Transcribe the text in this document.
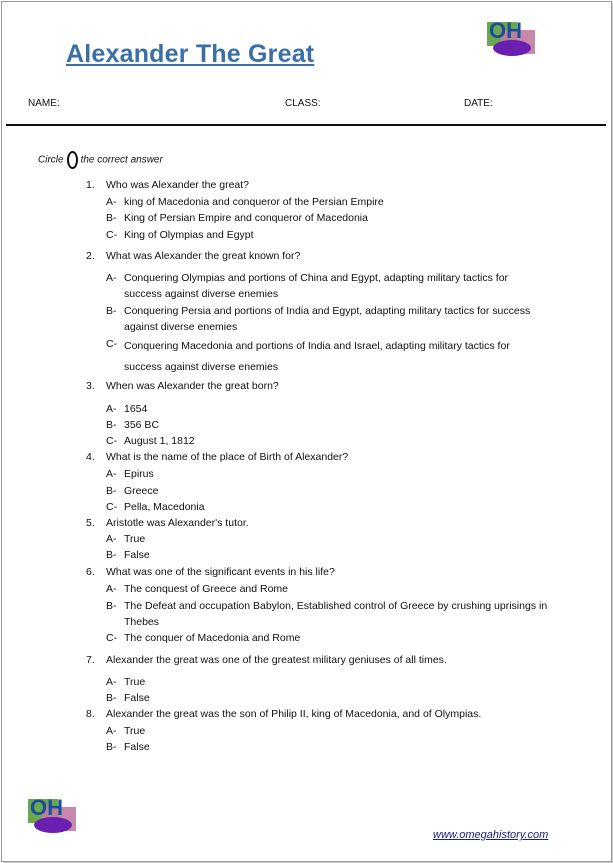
Alexander The Great
OH
NAME:	CLASS:	DATE:
Circle the correct answer
1. Who was Alexander the great?
A- king of Macedonia and conqueror of the Persian Empire
B- King of Persian Empire and conqueror of Macedonia
C- King of Olympias and Egypt
2. What was Alexander the great known for?
A- Conquering Olympias and portions of China and Egypt, adapting military tactics for success against diverse enemies
B- Conquering Persia and portions of India and Egypt, adapting military tactics for success against diverse enemies
C- Conquering Macedonia and portions of India and Israel, adapting military tactics for success against diverse enemies
3. When was Alexander the great born?
A- 1654
B- 356 BC
C- August 1, 1812
4. What is the name of the place of Birth of Alexander?
A- Epirus
B- Greece
C- Pella, Macedonia
5. Aristotle was Alexander's tutor.
A- True
B- False
6. What was one of the significant events in his life?
A- The conquest of Greece and Rome
B- The Defeat and occupation Babylon, Established control of Greece by crushing uprisings in Thebes
C- The conquer of Macedonia and Rome
7. Alexander the great was one of the greatest military geniuses of all times.
A- True
B- False
8. Alexander the great was the son of Philip II, king of Macedonia, and of Olympias.
A- True
B- False
OH
www.omegahistory.com
